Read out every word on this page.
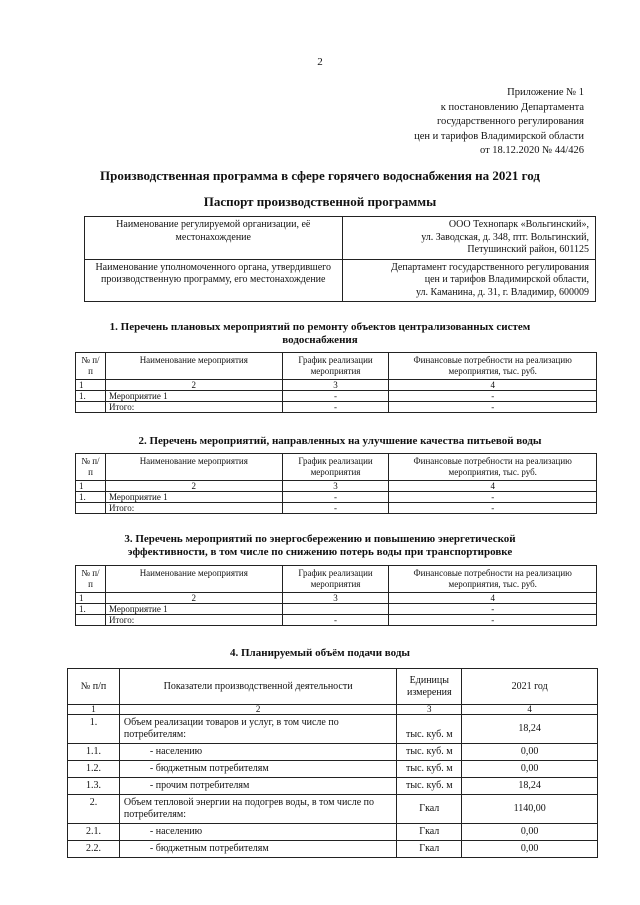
2
Приложение № 1
к постановлению Департамента
государственного регулирования
цен и тарифов Владимирской области
от 18.12.2020 № 44/426
Производственная программа в сфере горячего водоснабжения на 2021 год
Паспорт производственной программы
Наименование регулируемой организации, её местонахождение	ООО Технопарк «Вольгинский»,
ул. Заводская, д. 348, птг. Вольгинский,
Петушинский район, 601125

Наименование уполномоченного органа, утвердившего производственную программу, его местонахождение	Департамент государственного регулирования
цен и тарифов Владимирской области,
ул. Каманина, д. 31, г. Владимир, 600009
1. Перечень плановых мероприятий по ремонту объектов централизованных систем
водоснабжения
№ п/п	Наименование мероприятия	График реализации мероприятия	Финансовые потребности на реализацию мероприятия, тыс. руб.
1	2	3	4
1.	Мероприятие 1	-	-
	Итого:	-	-
2. Перечень мероприятий, направленных на улучшение качества питьевой воды
№ п/п	Наименование мероприятия	График реализации мероприятия	Финансовые потребности на реализацию мероприятия, тыс. руб.
1	2	3	4
1.	Мероприятие 1	-	-
	Итого:	-	-
3. Перечень мероприятий по энергосбережению и повышению энергетической
эффективности, в том числе по снижению потерь воды при транспортировке
№ п/п	Наименование мероприятия	График реализации мероприятия	Финансовые потребности на реализацию мероприятия, тыс. руб.
1	2	3	4
1.	Мероприятие 1		-
	Итого:	-	-
4. Планируемый объём подачи воды
№ п/п	Показатели производственной деятельности	Единицы измерения	2021 год
1	2	3	4
1.	Объем реализации товаров и услуг, в том числе по потребителям:	тыс. куб. м	18,24
1.1.	- населению	тыс. куб. м	0,00
1.2.	- бюджетным потребителям	тыс. куб. м	0,00
1.3.	- прочим потребителям	тыс. куб. м	18,24
2.	Объем тепловой энергии на подогрев воды, в том числе по потребителям:	Гкал	1140,00
2.1.	- населению	Гкал	0,00
2.2.	- бюджетным потребителям	Гкал	0,00
